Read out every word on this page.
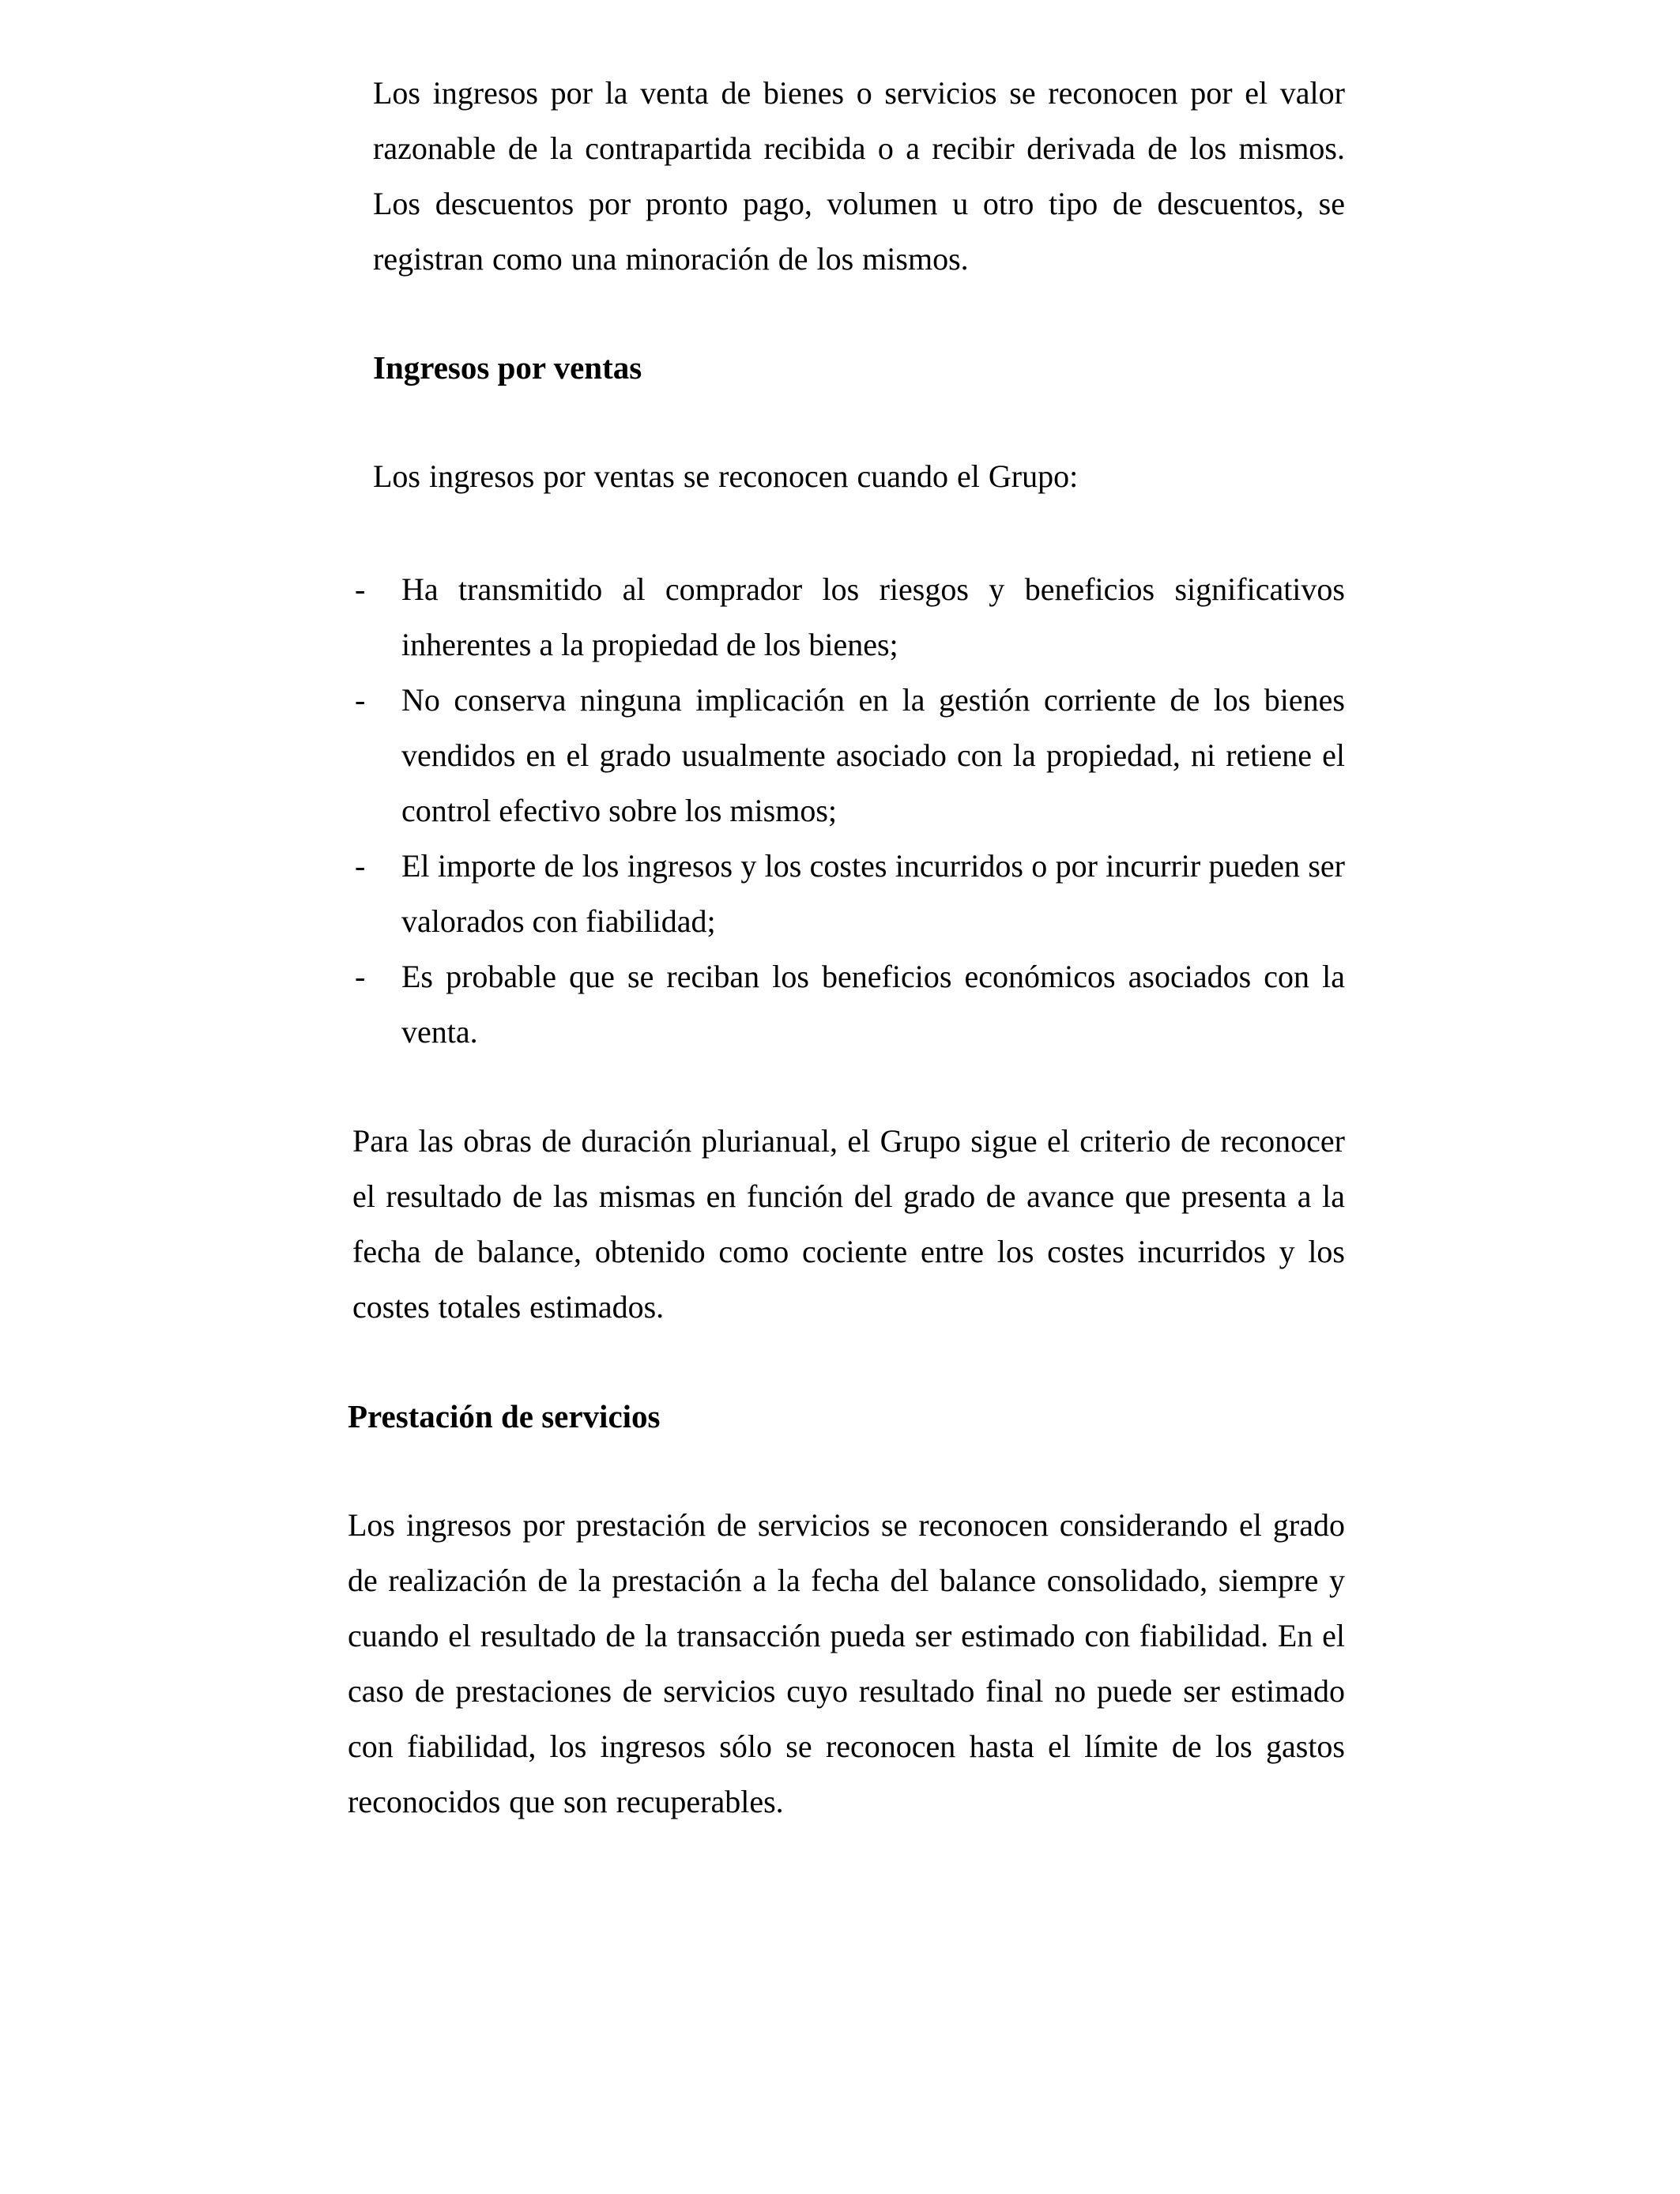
Los ingresos por la venta de bienes o servicios se reconocen por el valor razonable de la contrapartida recibida o a recibir derivada de los mismos. Los descuentos por pronto pago, volumen u otro tipo de descuentos, se registran como una minoración de los mismos.

Ingresos por ventas

Los ingresos por ventas se reconocen cuando el Grupo:

- Ha transmitido al comprador los riesgos y beneficios significativos inherentes a la propiedad de los bienes;
- No conserva ninguna implicación en la gestión corriente de los bienes vendidos en el grado usualmente asociado con la propiedad, ni retiene el control efectivo sobre los mismos;
- El importe de los ingresos y los costes incurridos o por incurrir pueden ser valorados con fiabilidad;
- Es probable que se reciban los beneficios económicos asociados con la venta.

Para las obras de duración plurianual, el Grupo sigue el criterio de reconocer el resultado de las mismas en función del grado de avance que presenta a la fecha de balance, obtenido como cociente entre los costes incurridos y los costes totales estimados.

Prestación de servicios

Los ingresos por prestación de servicios se reconocen considerando el grado de realización de la prestación a la fecha del balance consolidado, siempre y cuando el resultado de la transacción pueda ser estimado con fiabilidad. En el caso de prestaciones de servicios cuyo resultado final no puede ser estimado con fiabilidad, los ingresos sólo se reconocen hasta el límite de los gastos reconocidos que son recuperables.
